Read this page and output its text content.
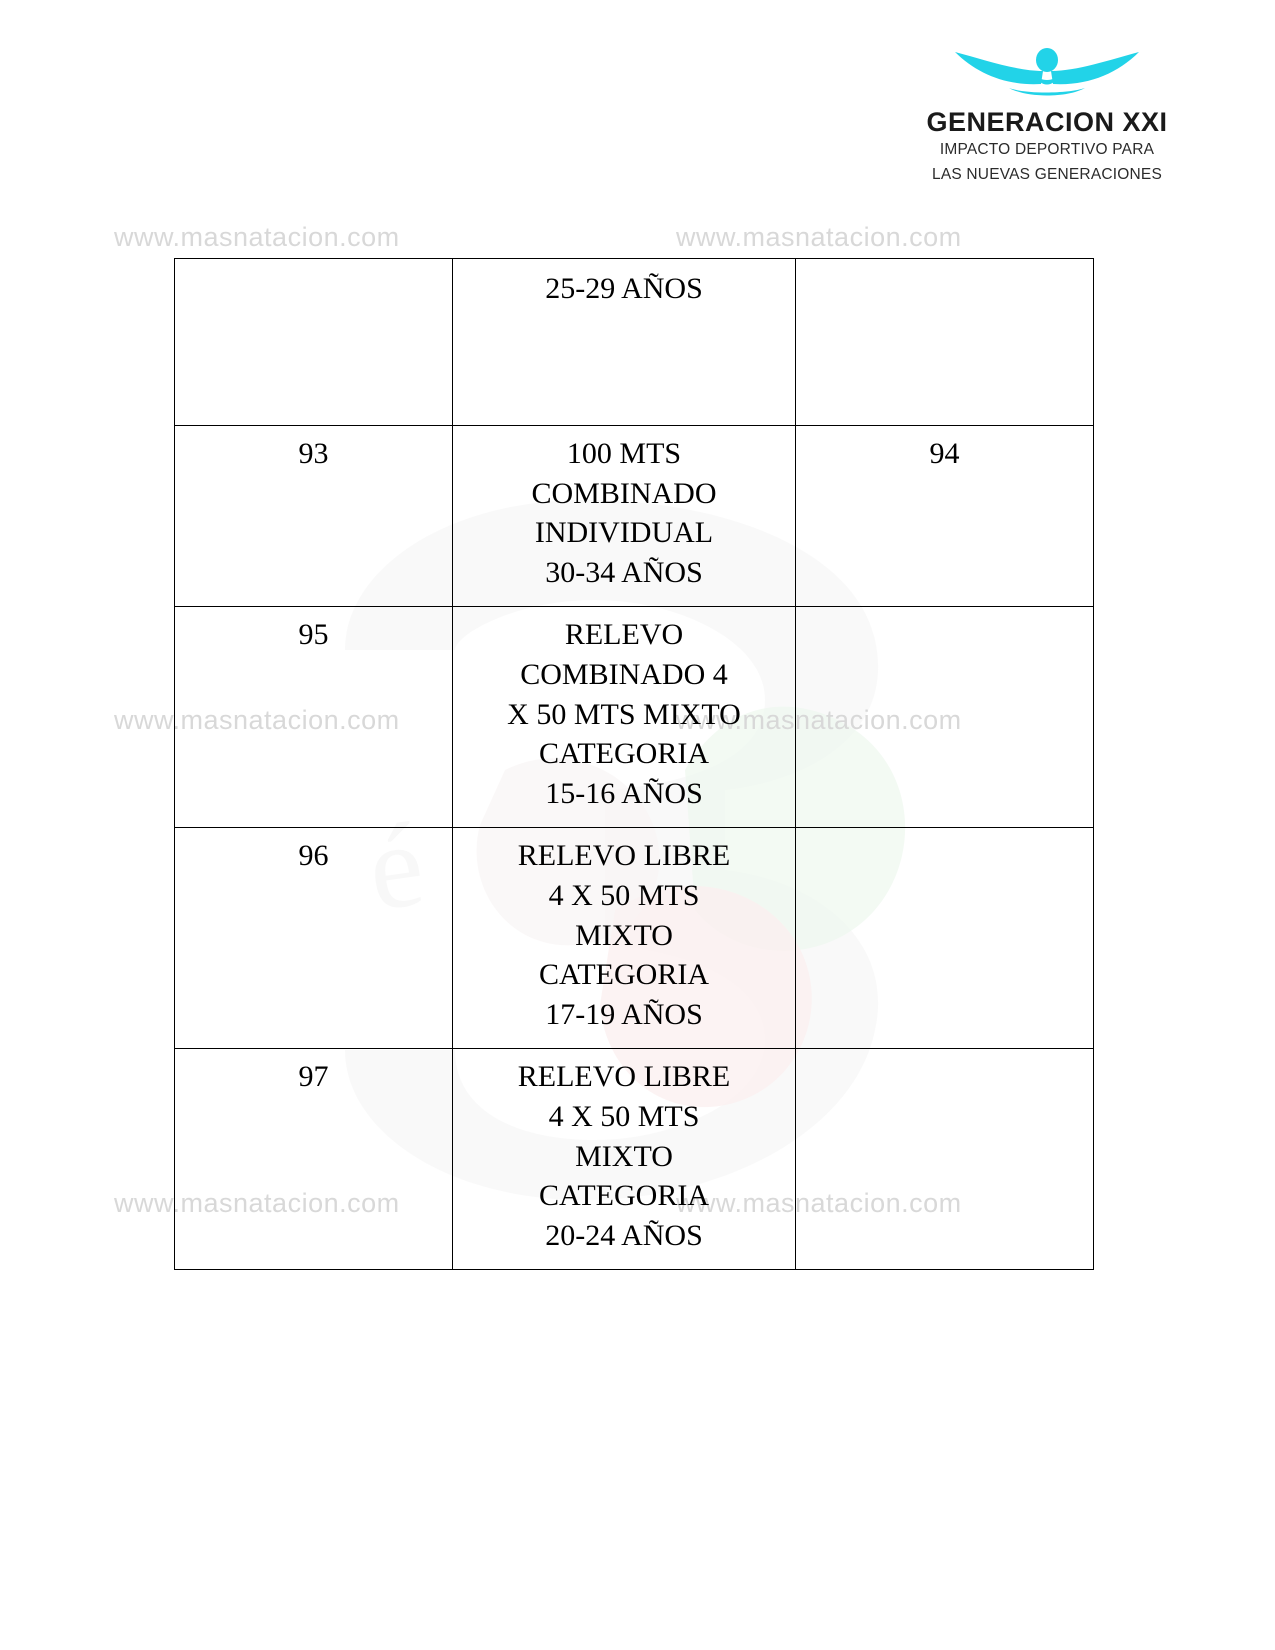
é
www.masnatacion.com	www.masnatacion.com
www.masnatacion.com	www.masnatacion.com
www.masnatacion.com	www.masnatacion.com
GENERACION XXI
IMPACTO DEPORTIVO PARA
LAS NUEVAS GENERACIONES

	25-29 AÑOS	

93	100 MTS
COMBINADO
INDIVIDUAL
30-34 AÑOS	94
95	RELEVO
COMBINADO 4
X 50 MTS MIXTO
CATEGORIA
15-16 AÑOS	

96	RELEVO LIBRE
4 X 50 MTS
MIXTO
CATEGORIA
17-19 AÑOS	

97	RELEVO LIBRE
4 X 50 MTS
MIXTO
CATEGORIA
20-24 AÑOS	
